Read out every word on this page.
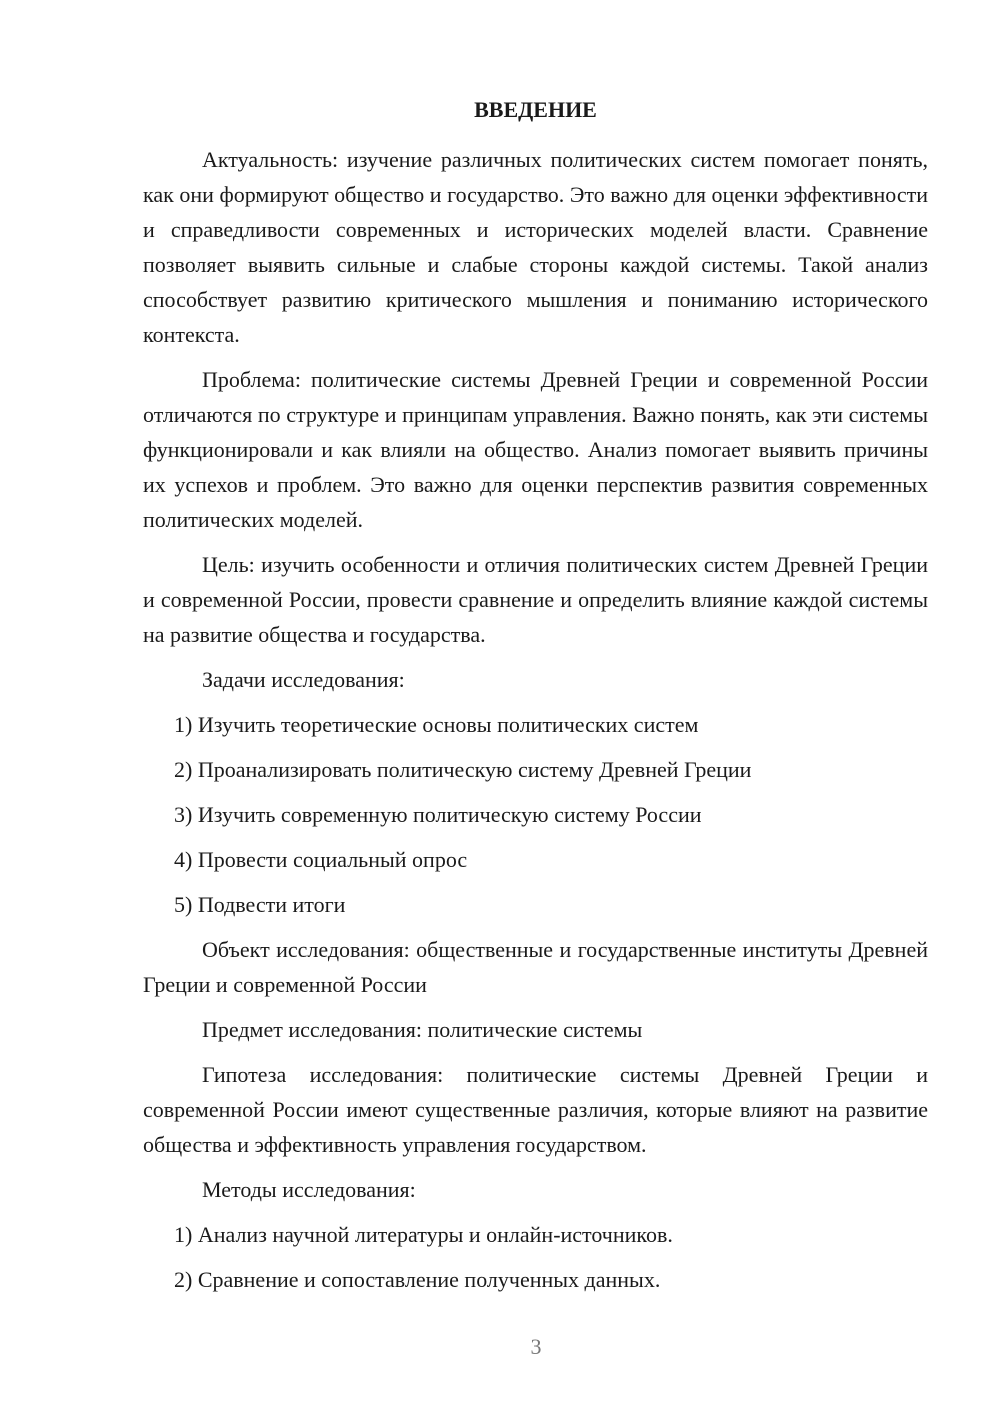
ВВЕДЕНИЕ

Актуальность: изучение различных политических систем помогает понять, как они формируют общество и государство. Это важно для оценки эффективности и справедливости современных и исторических моделей власти. Сравнение позволяет выявить сильные и слабые стороны каждой системы. Такой анализ способствует развитию критического мышления и пониманию исторического контекста.

Проблема: политические системы Древней Греции и современной России отличаются по структуре и принципам управления. Важно понять, как эти системы функционировали и как влияли на общество. Анализ помогает выявить причины их успехов и проблем. Это важно для оценки перспектив развития современных политических моделей.

Цель: изучить особенности и отличия политических систем Древней Греции и современной России, провести сравнение и определить влияние каждой системы на развитие общества и государства.

Задачи исследования:

1) Изучить теоретические основы политических систем
2) Проанализировать политическую систему Древней Греции
3) Изучить современную политическую систему России
4) Провести социальный опрос
5) Подвести итоги

Объект исследования: общественные и государственные институты Древней Греции и современной России

Предмет исследования: политические системы

Гипотеза исследования: политические системы Древней Греции и современной России имеют существенные различия, которые влияют на развитие общества и эффективность управления государством.

Методы исследования:

1) Анализ научной литературы и онлайн-источников.
2) Сравнение и сопоставление полученных данных.
3
